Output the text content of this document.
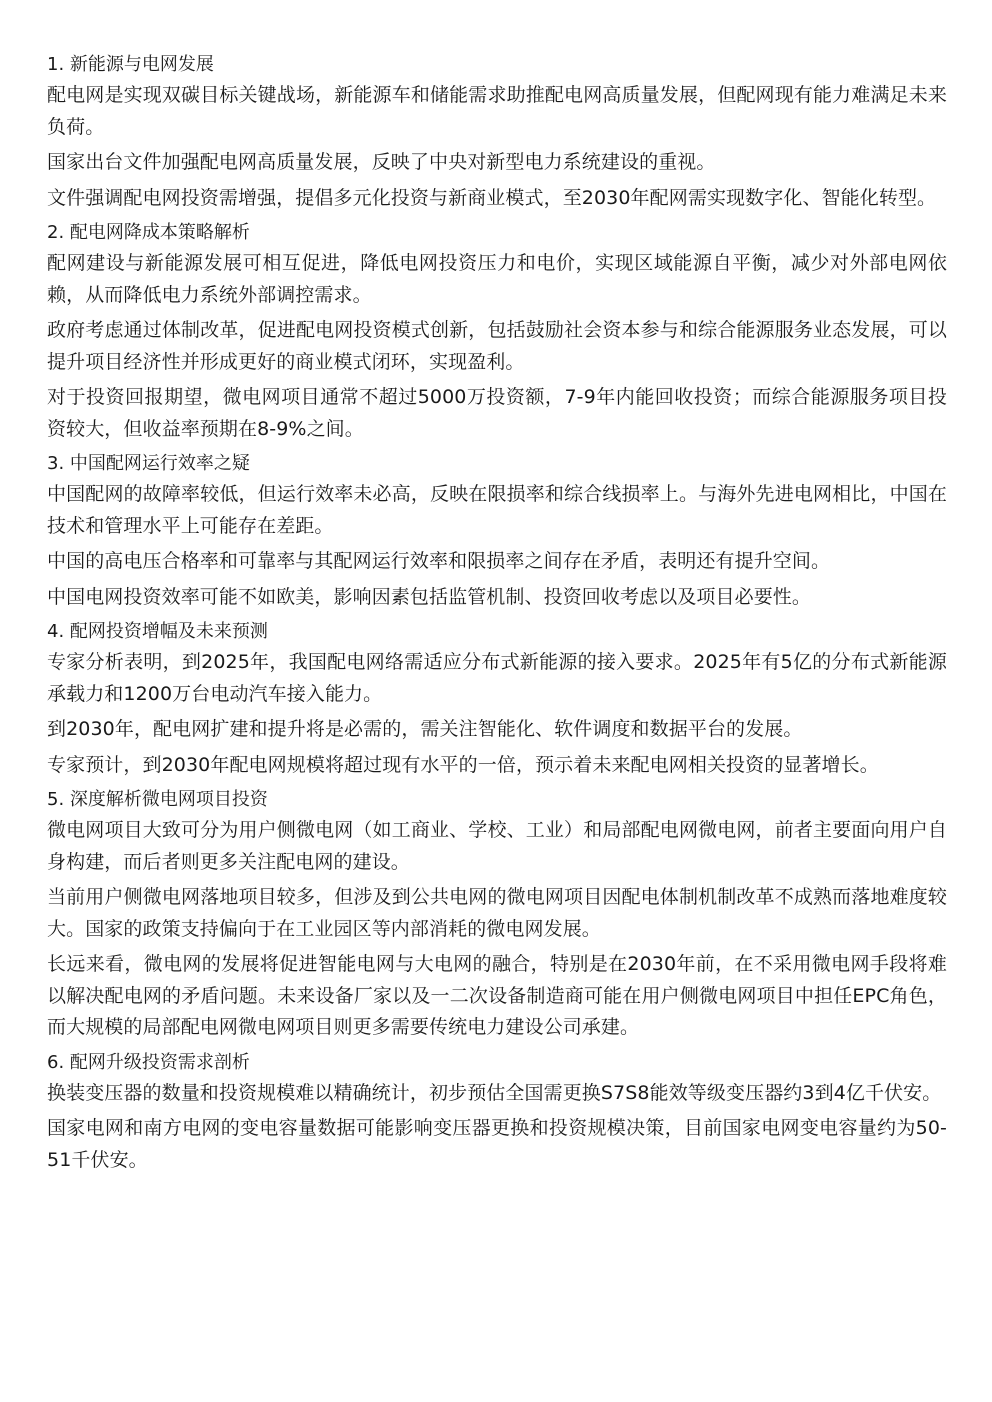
1. 新能源与电网发展

配电网是实现双碳目标关键战场，新能源车和储能需求助推配电网高质量发展，但配网现有能力难满足未来负荷。

国家出台文件加强配电网高质量发展，反映了中央对新型电力系统建设的重视。

文件强调配电网投资需增强，提倡多元化投资与新商业模式，至2030年配网需实现数字化、智能化转型。

2. 配电网降成本策略解析

配网建设与新能源发展可相互促进，降低电网投资压力和电价，实现区域能源自平衡，减少对外部电网依赖，从而降低电力系统外部调控需求。

政府考虑通过体制改革，促进配电网投资模式创新，包括鼓励社会资本参与和综合能源服务业态发展，可以提升项目经济性并形成更好的商业模式闭环，实现盈利。

对于投资回报期望，微电网项目通常不超过5000万投资额，7-9年内能回收投资；而综合能源服务项目投资较大，但收益率预期在8-9%之间。

3. 中国配网运行效率之疑

中国配网的故障率较低，但运行效率未必高，反映在限损率和综合线损率上。与海外先进电网相比，中国在技术和管理水平上可能存在差距。

中国的高电压合格率和可靠率与其配网运行效率和限损率之间存在矛盾，表明还有提升空间。

中国电网投资效率可能不如欧美，影响因素包括监管机制、投资回收考虑以及项目必要性。

4. 配网投资增幅及未来预测

专家分析表明，到2025年，我国配电网络需适应分布式新能源的接入要求。2025年有5亿的分布式新能源承载力和1200万台电动汽车接入能力。

到2030年，配电网扩建和提升将是必需的，需关注智能化、软件调度和数据平台的发展。

专家预计，到2030年配电网规模将超过现有水平的一倍，预示着未来配电网相关投资的显著增长。

5. 深度解析微电网项目投资

微电网项目大致可分为用户侧微电网（如工商业、学校、工业）和局部配电网微电网，前者主要面向用户自身构建，而后者则更多关注配电网的建设。

当前用户侧微电网落地项目较多，但涉及到公共电网的微电网项目因配电体制机制改革不成熟而落地难度较大。国家的政策支持偏向于在工业园区等内部消耗的微电网发展。

长远来看，微电网的发展将促进智能电网与大电网的融合，特别是在2030年前，在不采用微电网手段将难以解决配电网的矛盾问题。未来设备厂家以及一二次设备制造商可能在用户侧微电网项目中担任EPC角色，而大规模的局部配电网微电网项目则更多需要传统电力建设公司承建。

6. 配网升级投资需求剖析

换装变压器的数量和投资规模难以精确统计，初步预估全国需更换S7S8能效等级变压器约3到4亿千伏安。

国家电网和南方电网的变电容量数据可能影响变压器更换和投资规模决策，目前国家电网变电容量约为50-51千伏安。
